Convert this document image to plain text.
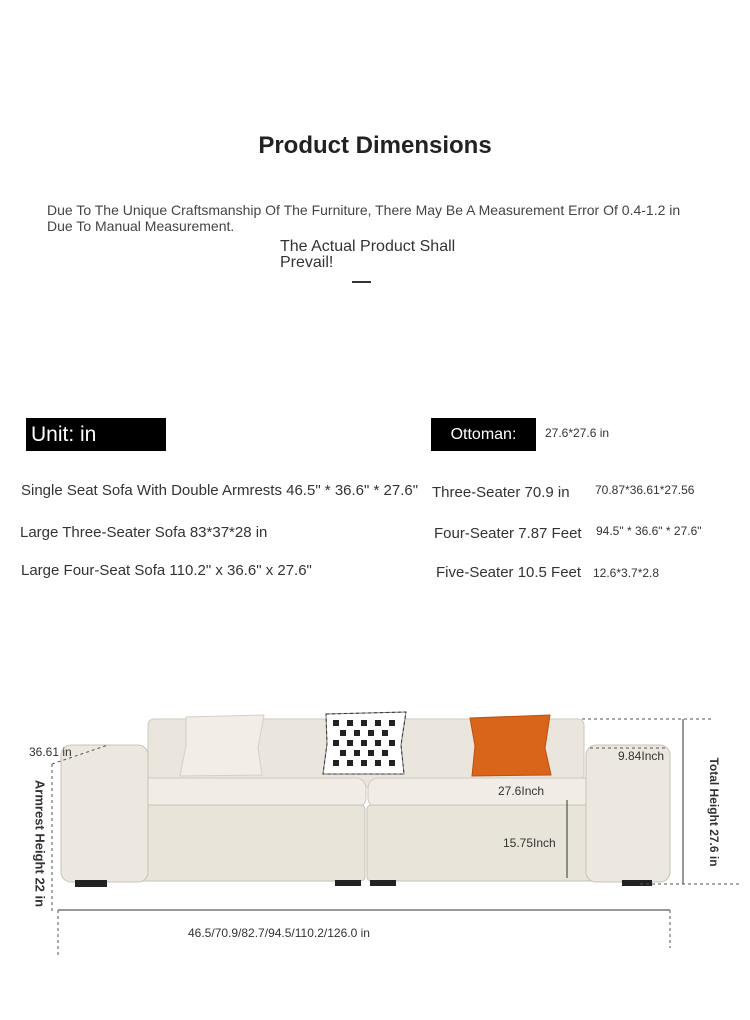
Product Dimensions
Due To The Unique Craftsmanship Of The Furniture, There May Be A Measurement Error Of 0.4-1.2 in Due To Manual Measurement.
The Actual Product Shall Prevail!
Unit: in	Ottoman:	27.6*27.6 in
Single Seat Sofa With Double Armrests 46.5" * 36.6" * 27.6"
Large Three-Seater Sofa 83*37*28 in
Large Four-Seat Sofa 110.2" x 36.6" x 27.6"
Three-Seater 70.9 in 70.87*36.61*27.56
Four-Seater 7.87 Feet 94.5" * 36.6" * 27.6"
Five-Seater 10.5 Feet 12.6*3.7*2.8
36.61 in	9.84Inch
27.6Inch
15.75Inch
46.5/70.9/82.7/94.5/110.2/126.0 in
Armrest Height 22 in	Total Height 27.6 in
